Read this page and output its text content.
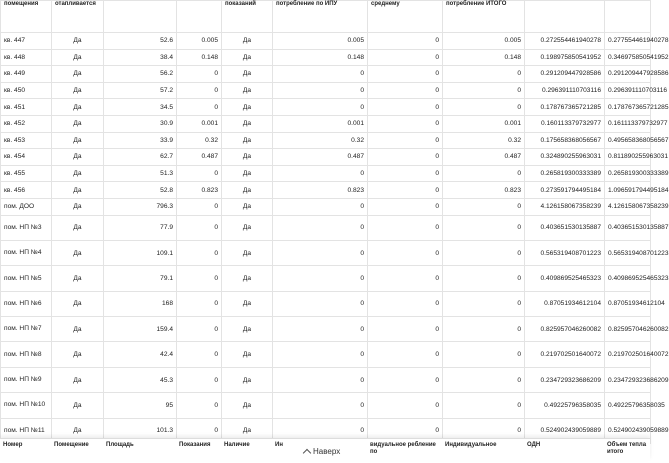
помещения	отапливается			показаний	потребление по ИПУ	среднему	потребление ИТОГО		
кв. 447	Да	52.6	0.005	Да	0.005	0	0.005	0.272554461940278	0.277554461940278
кв. 448	Да	38.4	0.148	Да	0.148	0	0.148	0.198975850541952	0.346975850541952
кв. 449	Да	56.2	0	Да	0	0	0	0.291209447928586	0.291209447928586
кв. 450	Да	57.2	0	Да	0	0	0	0.296391110703116	0.296391110703116
кв. 451	Да	34.5	0	Да	0	0	0	0.178767365721285	0.178767365721285
кв. 452	Да	30.9	0.001	Да	0.001	0	0.001	0.160113379732977	0.161113379732977
кв. 453	Да	33.9	0.32	Да	0.32	0	0.32	0.175658368056567	0.495658368056567
кв. 454	Да	62.7	0.487	Да	0.487	0	0.487	0.324890255963031	0.811890255963031
кв. 455	Да	51.3	0	Да	0	0	0	0.265819300333389	0.265819300333389
кв. 456	Да	52.8	0.823	Да	0.823	0	0.823	0.273591794495184	1.096591794495184
пом. ДОО	Да	796.3	0	Да	0	0	0	4.126158067358239	4.126158067358239
пом. НП №3	Да	77.9	0	Да	0	0	0	0.403651530135887	0.403651530135887
пом. НП №4	Да	109.1	0	Да	0	0	0	0.565319408701223	0.565319408701223
пом. НП №5	Да	79.1	0	Да	0	0	0	0.409869525465323	0.409869525465323
пом. НП №6	Да	168	0	Да	0	0	0	0.87051934612104	0.87051934612104
пом. НП №7	Да	159.4	0	Да	0	0	0	0.825957046260082	0.825957046260082
пом. НП №8	Да	42.4	0	Да	0	0	0	0.219702501640072	0.219702501640072
пом. НП №9	Да	45.3	0	Да	0	0	0	0.234729323686209	0.234729323686209
пом. НП №10	Да	95	0	Да	0	0	0	0.49225796358035	0.49225796358035
пом. НП №11	Да	101.3	0	Да	0	0	0	0.524902439059889	0.524902439059889
Номер	Помещение	Площадь	Показания	Наличие	Ин	видуальное ребление по	Индивидуальное	ОДН	Объем тепла итого
Наверх
